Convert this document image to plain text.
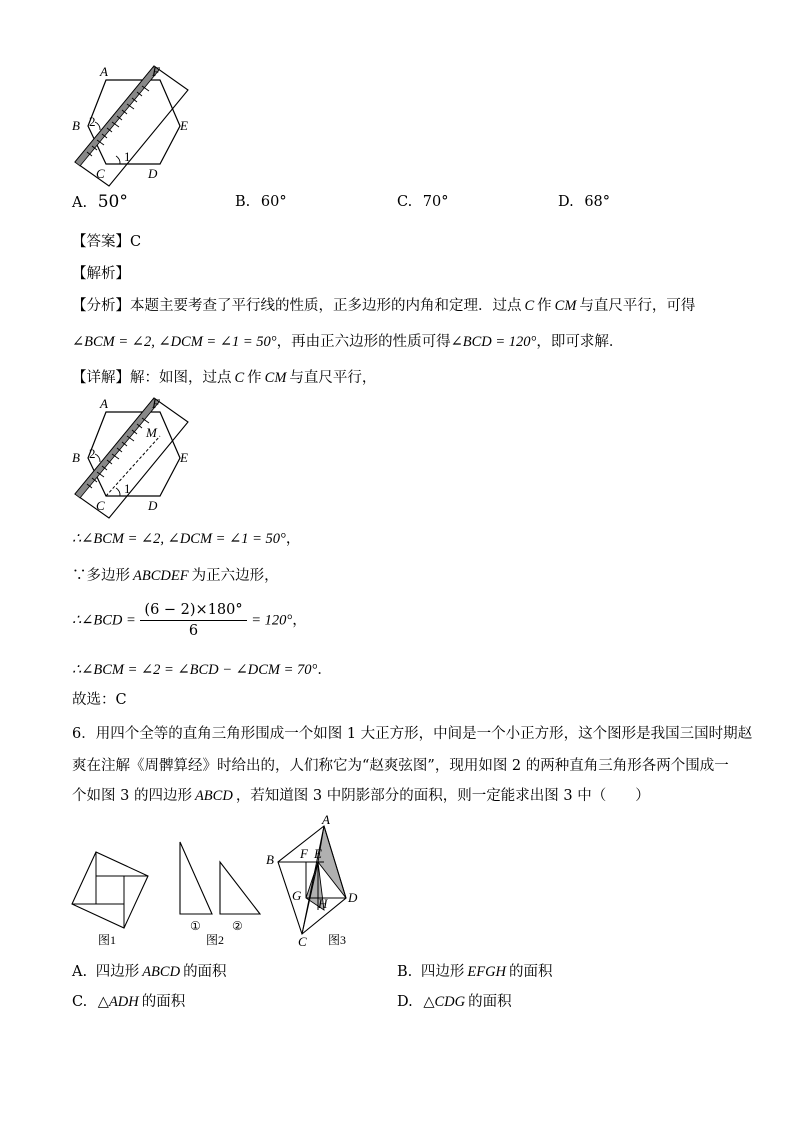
A	F
B	E
C	D
2
1
A. 50°	B. 60°	C. 70°	D. 68°
【答案】C
【解析】
【分析】本题主要考查了平行线的性质，正多边形的内角和定理．过点 C 作 CM 与直尺平行，可得
∠BCM = ∠2, ∠DCM = ∠1 = 50°，再由正六边形的性质可得∠BCD = 120°，即可求解．
【详解】解：如图，过点 C 作 CM 与直尺平行，
A	F
M
B	E
C	D
2
1
∴∠BCM = ∠2, ∠DCM = ∠1 = 50°，
∵多边形 ABCDEF 为正六边形，
∴∠BCD = $\frac{(6 - 2)\times 180^\circ}{6} = 120^\circ$，
∴∠BCM = ∠2 = ∠BCD − ∠DCM = 70°．
故选：C
6．用四个全等的直角三角形围成一个如图 1 大正方形，中间是一个小正方形，这个图形是我国三国时期赵
爽在注解《周髀算经》时给出的，人们称它为“赵爽弦图”，现用如图 2 的两种直角三角形各两个围成一
个如图 3 的四边形 ABCD ，若知道图 3 中阴影部分的面积，则一定能求出图 3 中（　　）
图1
①	②
图2
A
B F E
G
H D
C 图3
A. 四边形 ABCD 的面积	B. 四边形 EFGH 的面积
C. △ADH 的面积	D. △CDG 的面积
